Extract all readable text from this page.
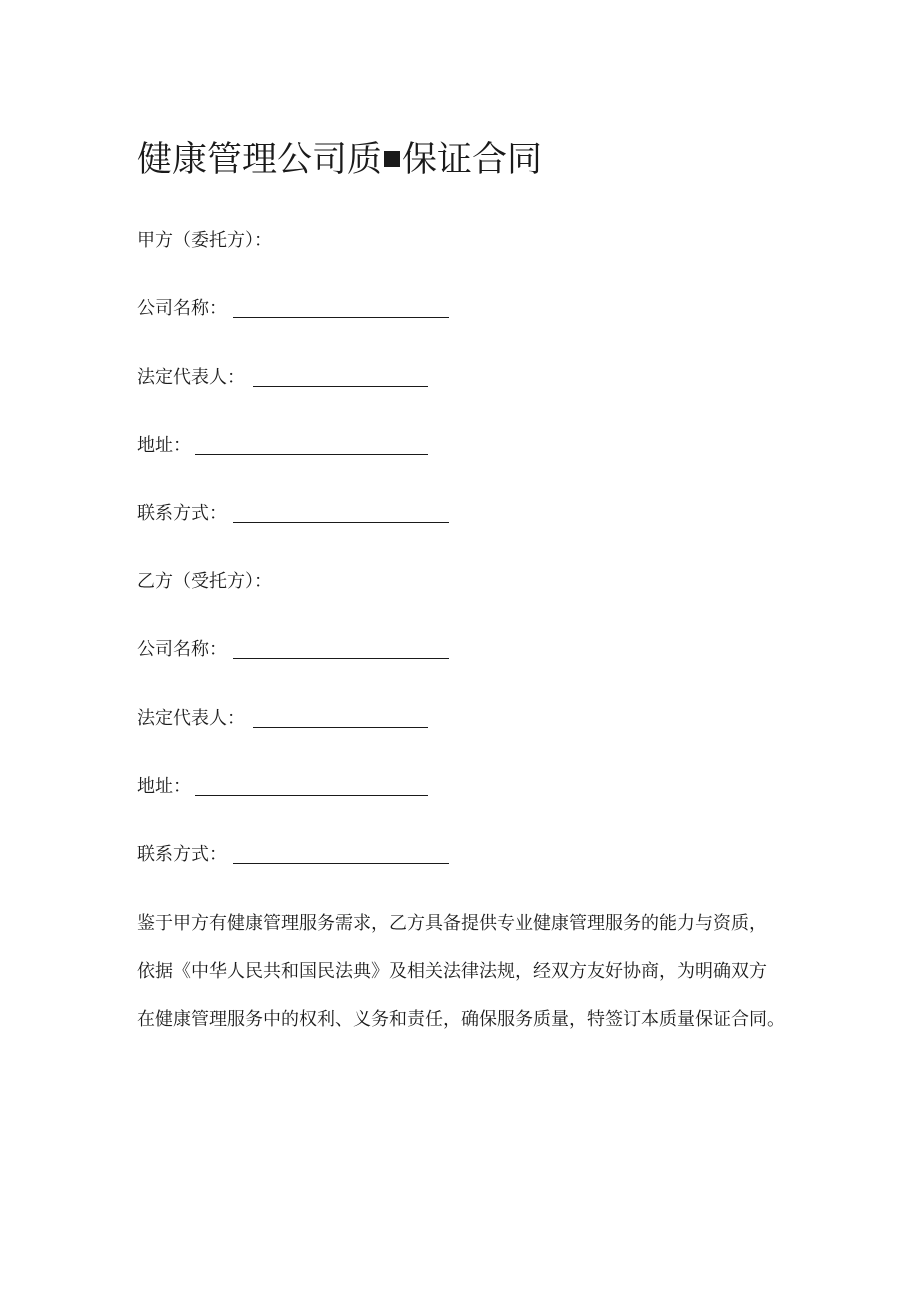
健康管理公司质 保证合同
甲方（委托方）：
公司名称：
法定代表人：
地址：
联系方式：
乙方（受托方）：
公司名称：
法定代表人：
地址：
联系方式：
鉴于甲方有健康管理服务需求，乙方具备提供专业健康管理服务的能力与资质，
依据《中华人民共和国民法典》及相关法律法规，经双方友好协商，为明确双方
在健康管理服务中的权利、义务和责任，确保服务质量，特签订本质量保证合同。
